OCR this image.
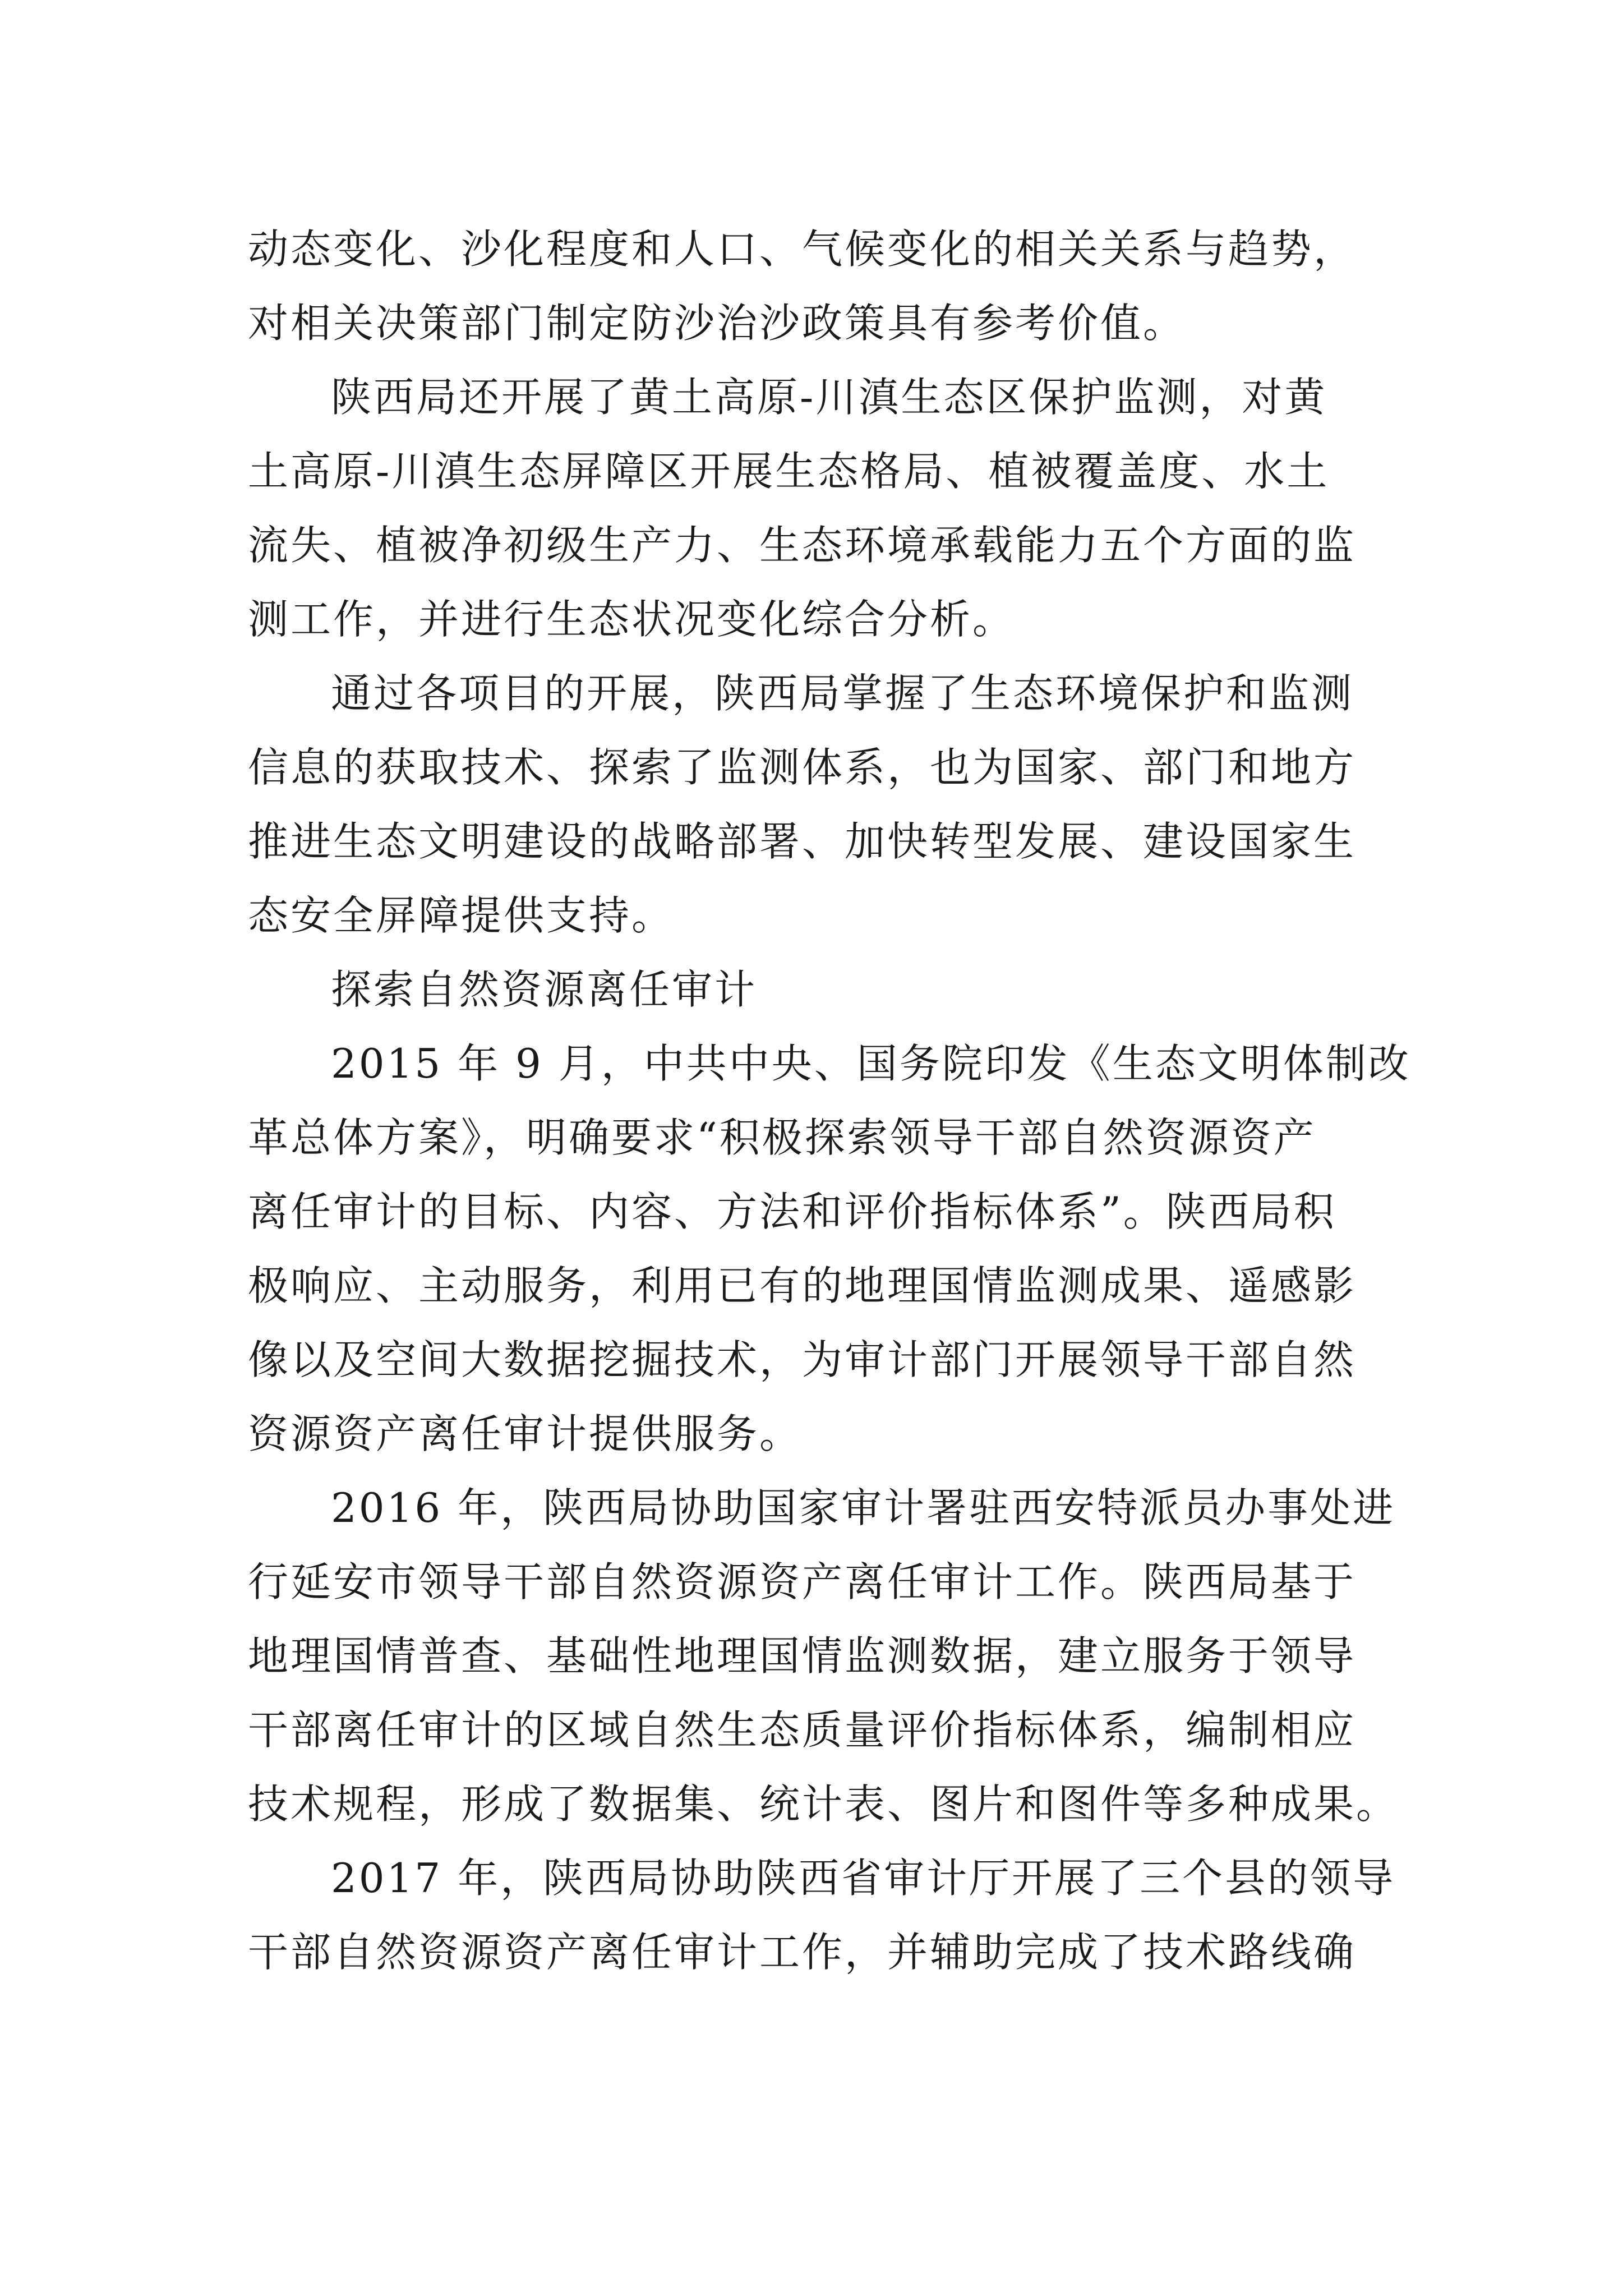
动态变化、沙化程度和人口、气候变化的相关关系与趋势，
对相关决策部门制定防沙治沙政策具有参考价值。
陕西局还开展了黄土高原-川滇生态区保护监测，对黄
土高原-川滇生态屏障区开展生态格局、植被覆盖度、水土
流失、植被净初级生产力、生态环境承载能力五个方面的监
测工作，并进行生态状况变化综合分析。
通过各项目的开展，陕西局掌握了生态环境保护和监测
信息的获取技术、探索了监测体系，也为国家、部门和地方
推进生态文明建设的战略部署、加快转型发展、建设国家生
态安全屏障提供支持。
探索自然资源离任审计
2015 年 9 月，中共中央、国务院印发《生态文明体制改
革总体方案》，明确要求“积极探索领导干部自然资源资产
离任审计的目标、内容、方法和评价指标体系”。陕西局积
极响应、主动服务，利用已有的地理国情监测成果、遥感影
像以及空间大数据挖掘技术，为审计部门开展领导干部自然
资源资产离任审计提供服务。
2016 年，陕西局协助国家审计署驻西安特派员办事处进
行延安市领导干部自然资源资产离任审计工作。陕西局基于
地理国情普查、基础性地理国情监测数据，建立服务于领导
干部离任审计的区域自然生态质量评价指标体系，编制相应
技术规程，形成了数据集、统计表、图片和图件等多种成果。
2017 年，陕西局协助陕西省审计厅开展了三个县的领导
干部自然资源资产离任审计工作，并辅助完成了技术路线确
